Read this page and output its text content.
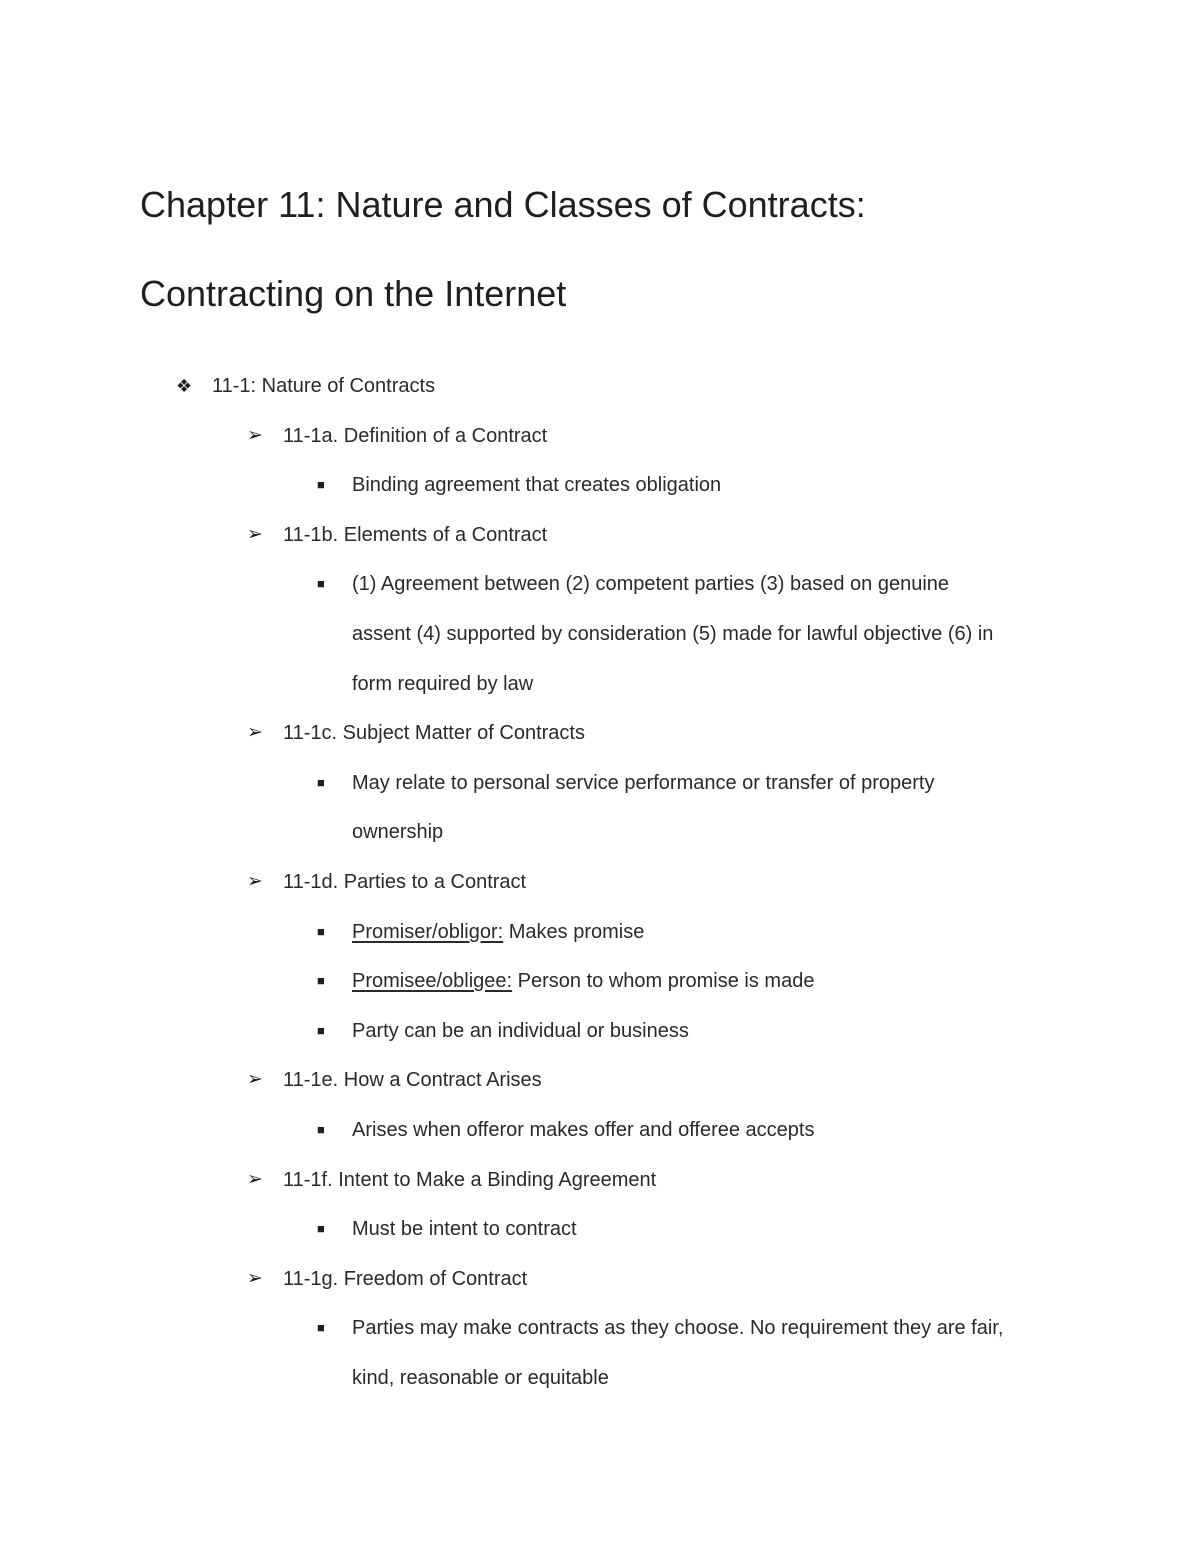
Chapter 11: Nature and Classes of Contracts:
Contracting on the Internet
❖ 11-1: Nature of Contracts
➢ 11-1a. Definition of a Contract
■ Binding agreement that creates obligation
➢ 11-1b. Elements of a Contract
■ (1) Agreement between (2) competent parties (3) based on genuine
assent (4) supported by consideration (5) made for lawful objective (6) in
form required by law
➢ 11-1c. Subject Matter of Contracts
■ May relate to personal service performance or transfer of property
ownership
➢ 11-1d. Parties to a Contract
■ Promiser/obligor: Makes promise
■ Promisee/obligee: Person to whom promise is made
■ Party can be an individual or business
➢ 11-1e. How a Contract Arises
■ Arises when offeror makes offer and offeree accepts
➢ 11-1f. Intent to Make a Binding Agreement
■ Must be intent to contract
➢ 11-1g. Freedom of Contract
■ Parties may make contracts as they choose. No requirement they are fair,
kind, reasonable or equitable
